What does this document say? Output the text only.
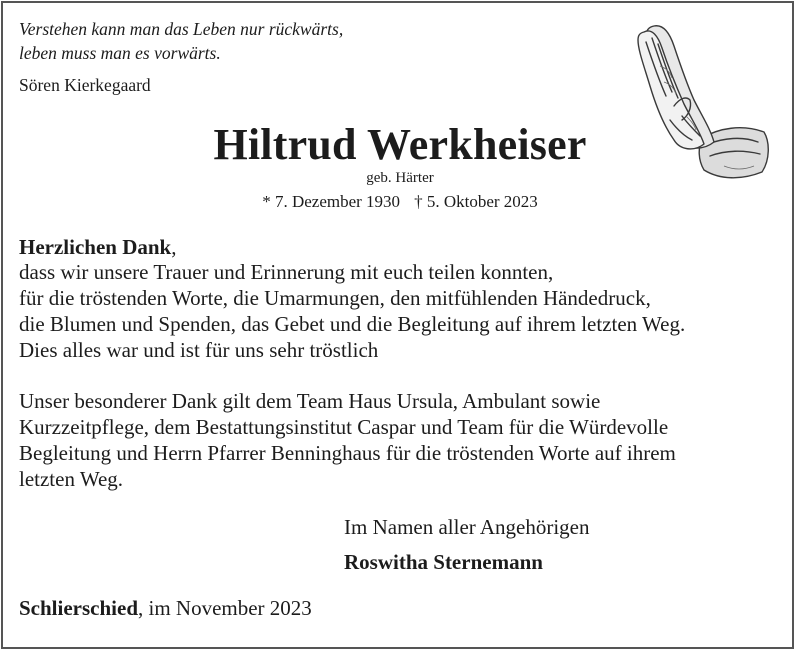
Verstehen kann man das Leben nur rückwärts,
leben muss man es vorwärts.

Sören Kierkegaard
Hiltrud Werkheiser
geb. Härter
* 7. Dezember 1930 † 5. Oktober 2023
Herzlichen Dank,

dass wir unsere Trauer und Erinnerung mit euch teilen konnten,
für die tröstenden Worte, die Umarmungen, den mitfühlenden Händedruck,
die Blumen und Spenden, das Gebet und die Begleitung auf ihrem letzten Weg.
Dies alles war und ist für uns sehr tröstlich

Unser besonderer Dank gilt dem Team Haus Ursula, Ambulant sowie
Kurzzeitpflege, dem Bestattungsinstitut Caspar und Team für die Würdevolle
Begleitung und Herrn Pfarrer Benninghaus für die tröstenden Worte auf ihrem
letzten Weg.

Im Namen aller Angehörigen
Roswitha Sternemann
Schlierschied, im November 2023
